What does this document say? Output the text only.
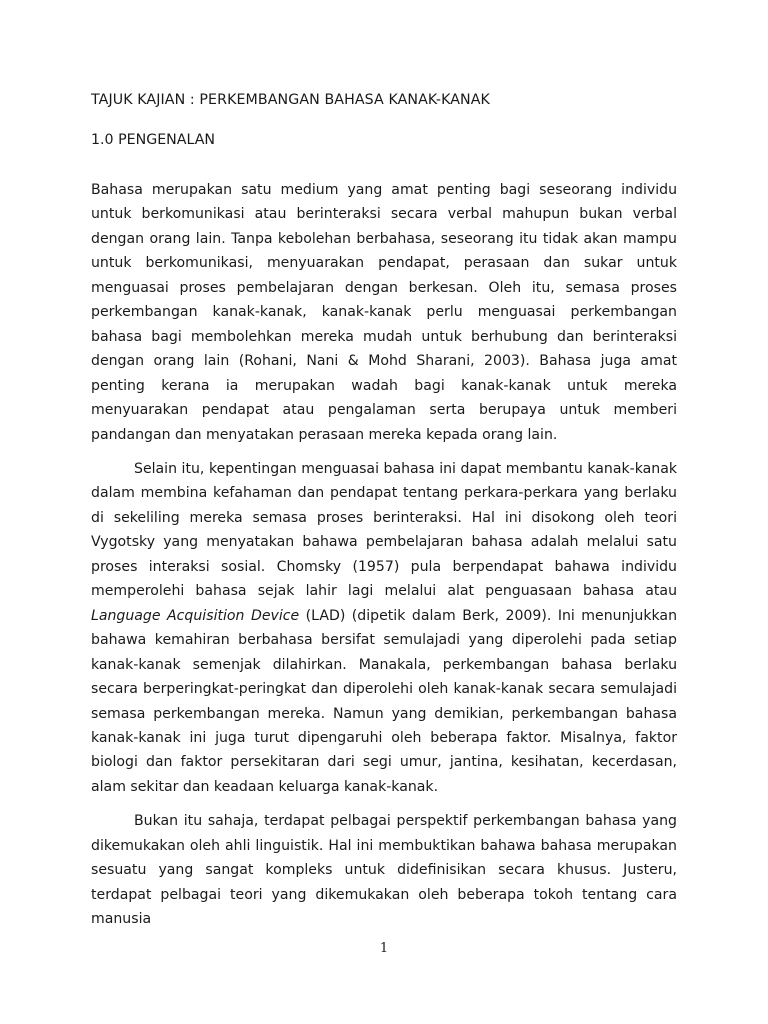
TAJUK KAJIAN : PERKEMBANGAN BAHASA KANAK-KANAK
1.0 PENGENALAN

Bahasa merupakan satu medium yang amat penting bagi seseorang individu untuk berkomunikasi atau berinteraksi secara verbal mahupun bukan verbal dengan orang lain. Tanpa kebolehan berbahasa, seseorang itu tidak akan mampu untuk berkomunikasi, menyuarakan pendapat, perasaan dan sukar untuk menguasai proses pembelajaran dengan berkesan. Oleh itu, semasa proses perkembangan kanak-kanak, kanak-kanak perlu menguasai perkembangan bahasa bagi membolehkan mereka mudah untuk berhubung dan berinteraksi dengan orang lain (Rohani, Nani & Mohd Sharani, 2003). Bahasa juga amat penting kerana ia merupakan wadah bagi kanak-kanak untuk mereka menyuarakan pendapat atau pengalaman serta berupaya untuk memberi pandangan dan menyatakan perasaan mereka kepada orang lain.

Selain itu, kepentingan menguasai bahasa ini dapat membantu kanak-kanak dalam membina kefahaman dan pendapat tentang perkara-perkara yang berlaku di sekeliling mereka semasa proses berinteraksi. Hal ini disokong oleh teori Vygotsky yang menyatakan bahawa pembelajaran bahasa adalah melalui satu proses interaksi sosial. Chomsky (1957) pula berpendapat bahawa individu memperolehi bahasa sejak lahir lagi melalui alat penguasaan bahasa atau Language Acquisition Device (LAD) (dipetik dalam Berk, 2009). Ini menunjukkan bahawa kemahiran berbahasa bersifat semulajadi yang diperolehi pada setiap kanak-kanak semenjak dilahirkan. Manakala, perkembangan bahasa berlaku secara berperingkat-peringkat dan diperolehi oleh kanak-kanak secara semulajadi semasa perkembangan mereka. Namun yang demikian, perkembangan bahasa kanak-kanak ini juga turut dipengaruhi oleh beberapa faktor. Misalnya, faktor biologi dan faktor persekitaran dari segi umur, jantina, kesihatan, kecerdasan, alam sekitar dan keadaan keluarga kanak-kanak.

Bukan itu sahaja, terdapat pelbagai perspektif perkembangan bahasa yang dikemukakan oleh ahli linguistik. Hal ini membuktikan bahawa bahasa merupakan sesuatu yang sangat kompleks untuk didefinisikan secara khusus. Justeru, terdapat pelbagai teori yang dikemukakan oleh beberapa tokoh tentang cara manusia

1
